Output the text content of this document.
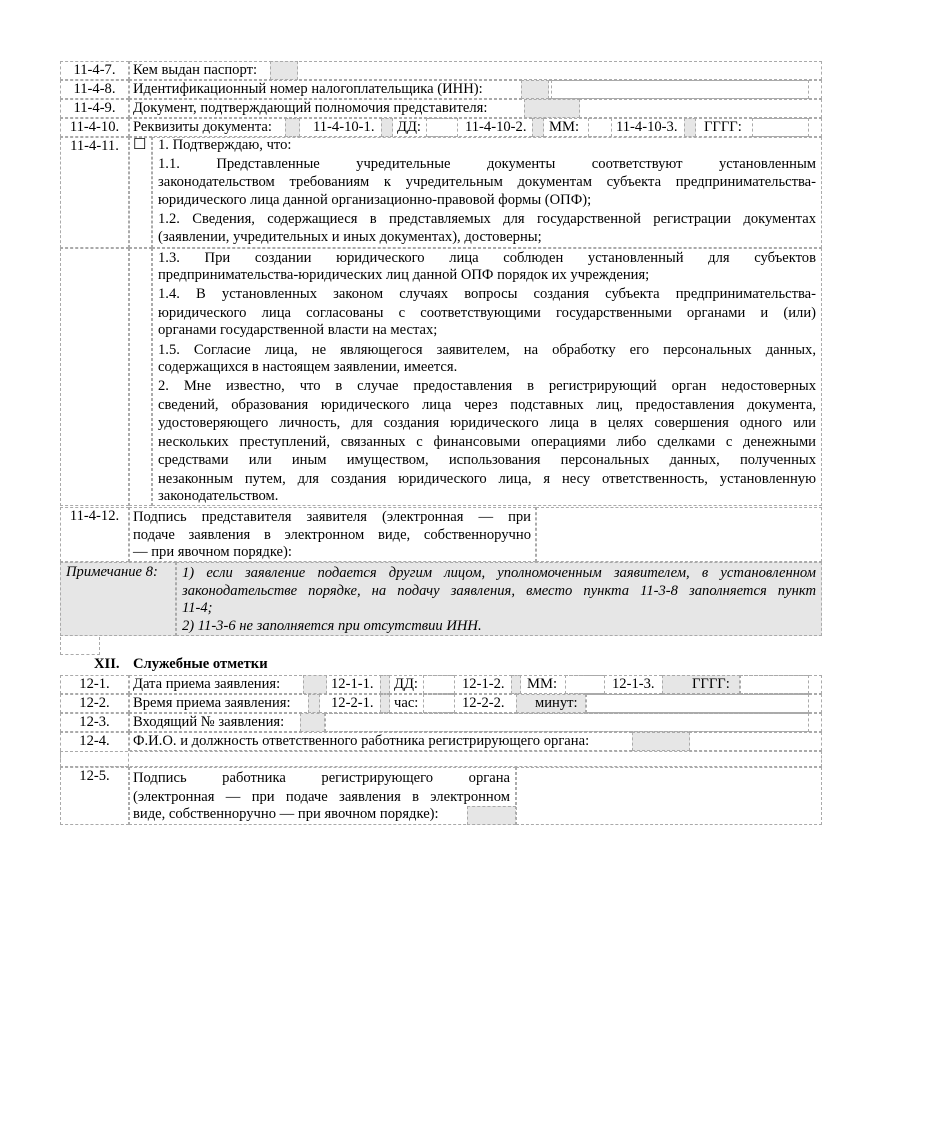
11-4-7.	Кем выдан паспорт:
11-4-8.	Идентификационный номер налогоплательщика (ИНН):
11-4-9.	Документ, подтверждающий полномочия представителя:
11-4-10. Реквизиты документа:	11-4-10-1. ДД:	11-4-10-2. ММ:	11-4-10-3. ГГГГ:
11-4-11. ☐ 1. Подтверждаю, что:
1.1. Представленные учредительные документы соответствуют установленным
законодательством требованиям к учредительным документам субъекта предпринимательства-
юридического лица данной организационно-правовой формы (ОПФ);
1.2. Сведения, содержащиеся в представляемых для государственной регистрации документах
(заявлении, учредительных и иных документах), достоверны;
1.3. При создании юридического лица соблюден установленный для субъектов
предпринимательства-юридических лиц данной ОПФ порядок их учреждения;
1.4. В установленных законом случаях вопросы создания субъекта предпринимательства-
юридического лица согласованы с соответствующими государственными органами и (или)
органами государственной власти на местах;
1.5. Согласие лица, не являющегося заявителем, на обработку его персональных данных,
содержащихся в настоящем заявлении, имеется.
2. Мне известно, что в случае предоставления в регистрирующий орган недостоверных
сведений, образования юридического лица через подставных лиц, предоставления документа,
удостоверяющего личность, для создания юридического лица в целях совершения одного или
нескольких преступлений, связанных с финансовыми операциями либо сделками с денежными
средствами или иным имуществом, использования персональных данных, полученных
незаконным путем, для создания юридического лица, я несу ответственность, установленную
законодательством.
11-4-12. Подпись представителя заявителя (электронная — при
подаче заявления в электронном виде, собственноручно
— при явочном порядке):
Примечание 8: 1) если заявление подается другим лицом, уполномоченным заявителем, в установленном
законодательстве порядке, на подачу заявления, вместо пункта 11-3-8 заполняется пункт
11-4;
2) 11-3-6 не заполняется при отсутствии ИНН.
XII. Служебные отметки
12-1.	Дата приема заявления:	12-1-1. ДД:	12-1-2. ММ:	12-1-3.	ГГГГ:
12-2.	Время приема заявления:	12-2-1. час:	12-2-2. минут:
12-3.	Входящий № заявления:
12-4.	Ф.И.О. и должность ответственного работника регистрирующего органа:
12-5.	Подпись работника регистрирующего органа
(электронная — при подаче заявления в электронном
виде, собственноручно — при явочном порядке):
